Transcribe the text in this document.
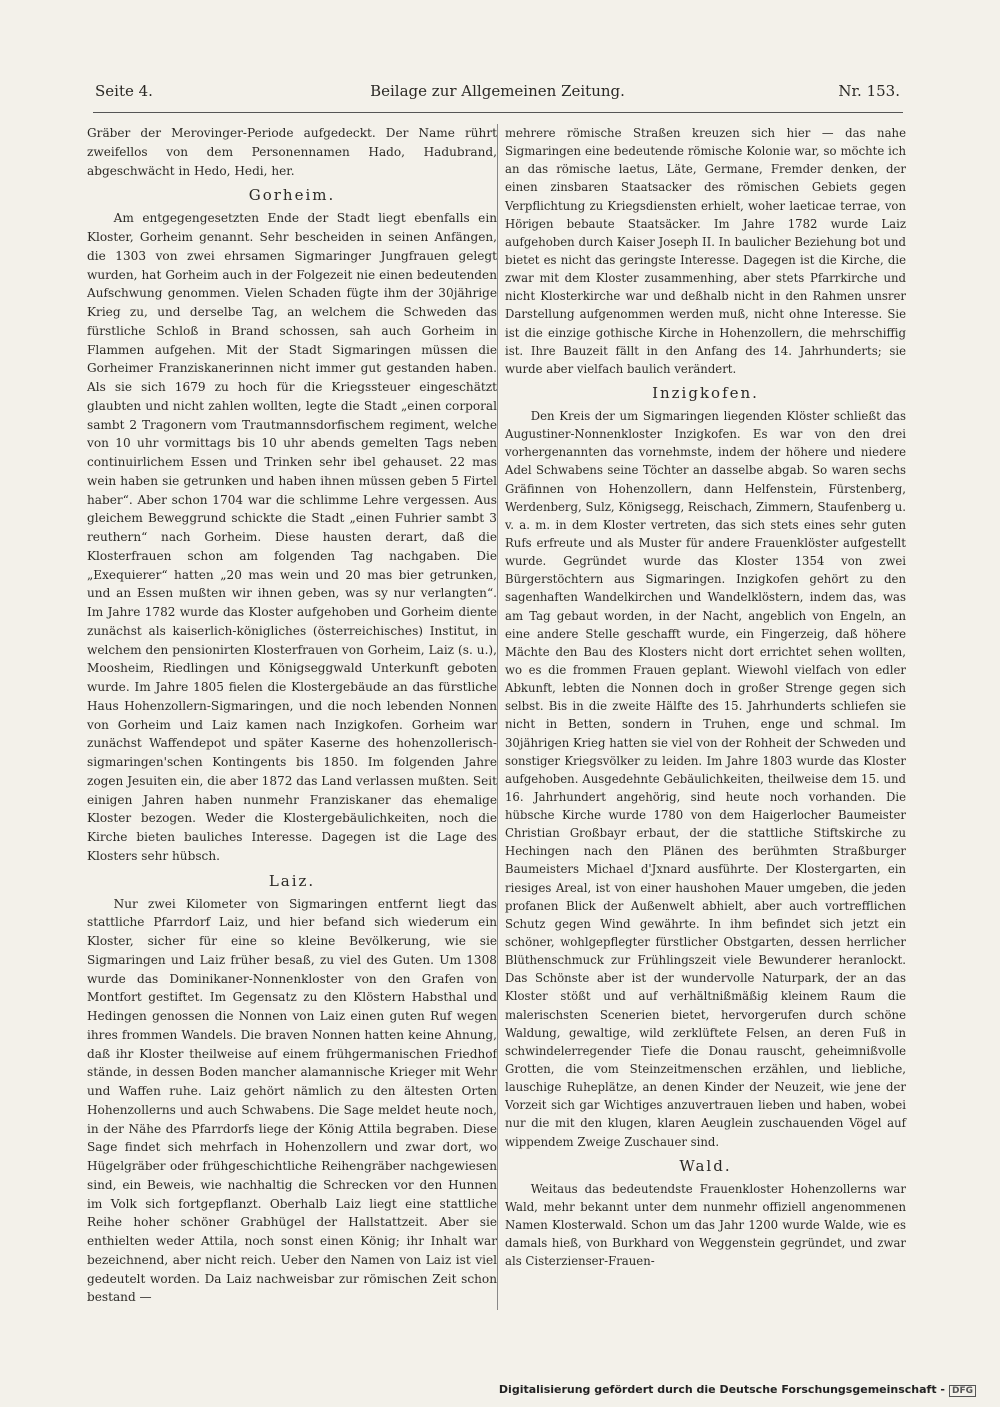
Beilage zur Allgemeinen Zeitung.
Seite 4.	Nr. 153.

Gräber der Merovinger-Periode aufgedeckt. Der Name rührt zweifellos von dem Personennamen Hado, Hadubrand, abgeschwächt in Hedo, Hedi, her.

Gorheim.

Am entgegengesetzten Ende der Stadt liegt ebenfalls ein Kloster, Gorheim genannt. Sehr bescheiden in seinen Anfängen, die 1303 von zwei ehrsamen Sigmaringer Jungfrauen gelegt wurden, hat Gorheim auch in der Folgezeit nie einen bedeutenden Aufschwung genommen. Vielen Schaden fügte ihm der 30jährige Krieg zu, und derselbe Tag, an welchem die Schweden das fürstliche Schloß in Brand schossen, sah auch Gorheim in Flammen aufgehen. Mit der Stadt Sigmaringen müssen die Gorheimer Franziskanerinnen nicht immer gut gestanden haben. Als sie sich 1679 zu hoch für die Kriegssteuer eingeschätzt glaubten und nicht zahlen wollten, legte die Stadt „einen corporal sambt 2 Tragonern vom Trautmannsdorfischem regiment, welche von 10 uhr vormittags bis 10 uhr abends gemelten Tags neben continuirlichem Essen und Trinken sehr ibel gehauset. 22 mas wein haben sie getrunken und haben ihnen müssen geben 5 Firtel haber“. Aber schon 1704 war die schlimme Lehre vergessen. Aus gleichem Beweggrund schickte die Stadt „einen Fuhrier sambt 3 reuthern“ nach Gorheim. Diese hausten derart, daß die Klosterfrauen schon am folgenden Tag nachgaben. Die „Exequierer“ hatten „20 mas wein und 20 mas bier getrunken, und an Essen mußten wir ihnen geben, was sy nur verlangten“. Im Jahre 1782 wurde das Kloster aufgehoben und Gorheim diente zunächst als kaiserlich-königliches (österreichisches) Institut, in welchem den pensionirten Klosterfrauen von Gorheim, Laiz (s. u.), Moosheim, Riedlingen und Königseggwald Unterkunft geboten wurde. Im Jahre 1805 fielen die Klostergebäude an das fürstliche Haus Hohenzollern-Sigmaringen, und die noch lebenden Nonnen von Gorheim und Laiz kamen nach Inzigkofen. Gorheim war zunächst Waffendepot und später Kaserne des hohenzollerisch-sigmaringen'schen Kontingents bis 1850. Im folgenden Jahre zogen Jesuiten ein, die aber 1872 das Land verlassen mußten. Seit einigen Jahren haben nunmehr Franziskaner das ehemalige Kloster bezogen. Weder die Klostergebäulichkeiten, noch die Kirche bieten bauliches Interesse. Dagegen ist die Lage des Klosters sehr hübsch.

Laiz.

Nur zwei Kilometer von Sigmaringen entfernt liegt das stattliche Pfarrdorf Laiz, und hier befand sich wiederum ein Kloster, sicher für eine so kleine Bevölkerung, wie sie Sigmaringen und Laiz früher besaß, zu viel des Guten. Um 1308 wurde das Dominikaner-Nonnenkloster von den Grafen von Montfort gestiftet. Im Gegensatz zu den Klöstern Habsthal und Hedingen genossen die Nonnen von Laiz einen guten Ruf wegen ihres frommen Wandels. Die braven Nonnen hatten keine Ahnung, daß ihr Kloster theilweise auf einem frühgermanischen Friedhof stände, in dessen Boden mancher alamannische Krieger mit Wehr und Waffen ruhe. Laiz gehört nämlich zu den ältesten Orten Hohenzollerns und auch Schwabens. Die Sage meldet heute noch, in der Nähe des Pfarrdorfs liege der König Attila begraben. Diese Sage findet sich mehrfach in Hohenzollern und zwar dort, wo Hügelgräber oder frühgeschichtliche Reihengräber nachgewiesen sind, ein Beweis, wie nachhaltig die Schrecken vor den Hunnen im Volk sich fortgepflanzt. Oberhalb Laiz liegt eine stattliche Reihe hoher schöner Grabhügel der Hallstattzeit. Aber sie enthielten weder Attila, noch sonst einen König; ihr Inhalt war bezeichnend, aber nicht reich. Ueber den Namen von Laiz ist viel gedeutelt worden. Da Laiz nachweisbar zur römischen Zeit schon bestand —

mehrere römische Straßen kreuzen sich hier — das nahe Sigmaringen eine bedeutende römische Kolonie war, so möchte ich an das römische laetus, Läte, Germane, Fremder denken, der einen zinsbaren Staatsacker des römischen Gebiets gegen Verpflichtung zu Kriegsdiensten erhielt, woher laeticae terrae, von Hörigen bebaute Staatsäcker. Im Jahre 1782 wurde Laiz aufgehoben durch Kaiser Joseph II. In baulicher Beziehung bot und bietet es nicht das geringste Interesse. Dagegen ist die Kirche, die zwar mit dem Kloster zusammenhing, aber stets Pfarrkirche und nicht Klosterkirche war und deßhalb nicht in den Rahmen unsrer Darstellung aufgenommen werden muß, nicht ohne Interesse. Sie ist die einzige gothische Kirche in Hohenzollern, die mehrschiffig ist. Ihre Bauzeit fällt in den Anfang des 14. Jahrhunderts; sie wurde aber vielfach baulich verändert.

Inzigkofen.

Den Kreis der um Sigmaringen liegenden Klöster schließt das Augustiner-Nonnenkloster Inzigkofen. Es war von den drei vorhergenannten das vornehmste, indem der höhere und niedere Adel Schwabens seine Töchter an dasselbe abgab. So waren sechs Gräfinnen von Hohenzollern, dann Helfenstein, Fürstenberg, Werdenberg, Sulz, Königsegg, Reischach, Zimmern, Staufenberg u. v. a. m. in dem Kloster vertreten, das sich stets eines sehr guten Rufs erfreute und als Muster für andere Frauenklöster aufgestellt wurde. Gegründet wurde das Kloster 1354 von zwei Bürgerstöchtern aus Sigmaringen. Inzigkofen gehört zu den sagenhaften Wandelkirchen und Wandelklöstern, indem das, was am Tag gebaut worden, in der Nacht, angeblich von Engeln, an eine andere Stelle geschafft wurde, ein Fingerzeig, daß höhere Mächte den Bau des Klosters nicht dort errichtet sehen wollten, wo es die frommen Frauen geplant. Wiewohl vielfach von edler Abkunft, lebten die Nonnen doch in großer Strenge gegen sich selbst. Bis in die zweite Hälfte des 15. Jahrhunderts schliefen sie nicht in Betten, sondern in Truhen, enge und schmal. Im 30jährigen Krieg hatten sie viel von der Rohheit der Schweden und sonstiger Kriegsvölker zu leiden. Im Jahre 1803 wurde das Kloster aufgehoben. Ausgedehnte Gebäulichkeiten, theilweise dem 15. und 16. Jahrhundert angehörig, sind heute noch vorhanden. Die hübsche Kirche wurde 1780 von dem Haigerlocher Baumeister Christian Großbayr erbaut, der die stattliche Stiftskirche zu Hechingen nach den Plänen des berühmten Straßburger Baumeisters Michael d'Jxnard ausführte. Der Klostergarten, ein riesiges Areal, ist von einer haushohen Mauer umgeben, die jeden profanen Blick der Außenwelt abhielt, aber auch vortrefflichen Schutz gegen Wind gewährte. In ihm befindet sich jetzt ein schöner, wohlgepflegter fürstlicher Obstgarten, dessen herrlicher Blüthenschmuck zur Frühlingszeit viele Bewunderer heranlockt. Das Schönste aber ist der wundervolle Naturpark, der an das Kloster stößt und auf verhältnißmäßig kleinem Raum die malerischsten Scenerien bietet, hervorgerufen durch schöne Waldung, gewaltige, wild zerklüftete Felsen, an deren Fuß in schwindelerregender Tiefe die Donau rauscht, geheimnißvolle Grotten, die vom Steinzeitmenschen erzählen, und liebliche, lauschige Ruheplätze, an denen Kinder der Neuzeit, wie jene der Vorzeit sich gar Wichtiges anzuvertrauen lieben und haben, wobei nur die mit den klugen, klaren Aeuglein zuschauenden Vögel auf wippendem Zweige Zuschauer sind.

Wald.

Weitaus das bedeutendste Frauenkloster Hohenzollerns war Wald, mehr bekannt unter dem nunmehr offiziell angenommenen Namen Klosterwald. Schon um das Jahr 1200 wurde Walde, wie es damals hieß, von Burkhard von Weggenstein gegründet, und zwar als Cisterzienser-Frauen-

Digitalisierung gefördert durch die Deutsche Forschungsgemeinschaft - DFG
